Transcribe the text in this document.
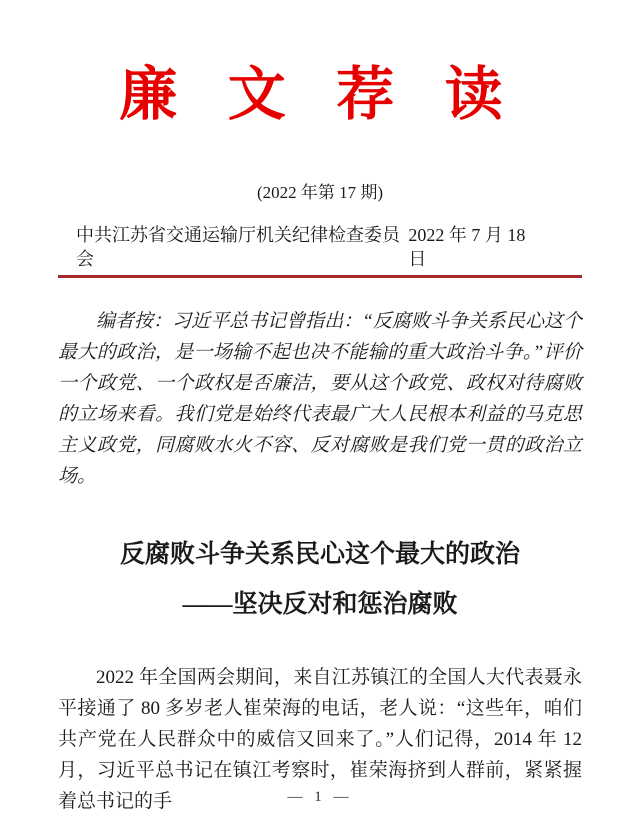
廉 文 荐 读
(2022 年第 17 期)
中共江苏省交通运输厅机关纪律检查委员会
2022 年 7 月 18 日

编者按：习近平总书记曾指出：“反腐败斗争关系民心这个最大的政治，是一场输不起也决不能输的重大政治斗争。”评价一个政党、一个政权是否廉洁，要从这个政党、政权对待腐败的立场来看。我们党是始终代表最广大人民根本利益的马克思主义政党，同腐败水火不容、反对腐败是我们党一贯的政治立场。

反腐败斗争关系民心这个最大的政治
——坚决反对和惩治腐败

2022 年全国两会期间，来自江苏镇江的全国人大代表聂永平接通了 80 多岁老人崔荣海的电话，老人说：“这些年，咱们共产党在人民群众中的威信又回来了。”人们记得，2014 年 12 月，习近平总书记在镇江考察时，崔荣海挤到人群前，紧紧握着总书记的手	— 1 —
